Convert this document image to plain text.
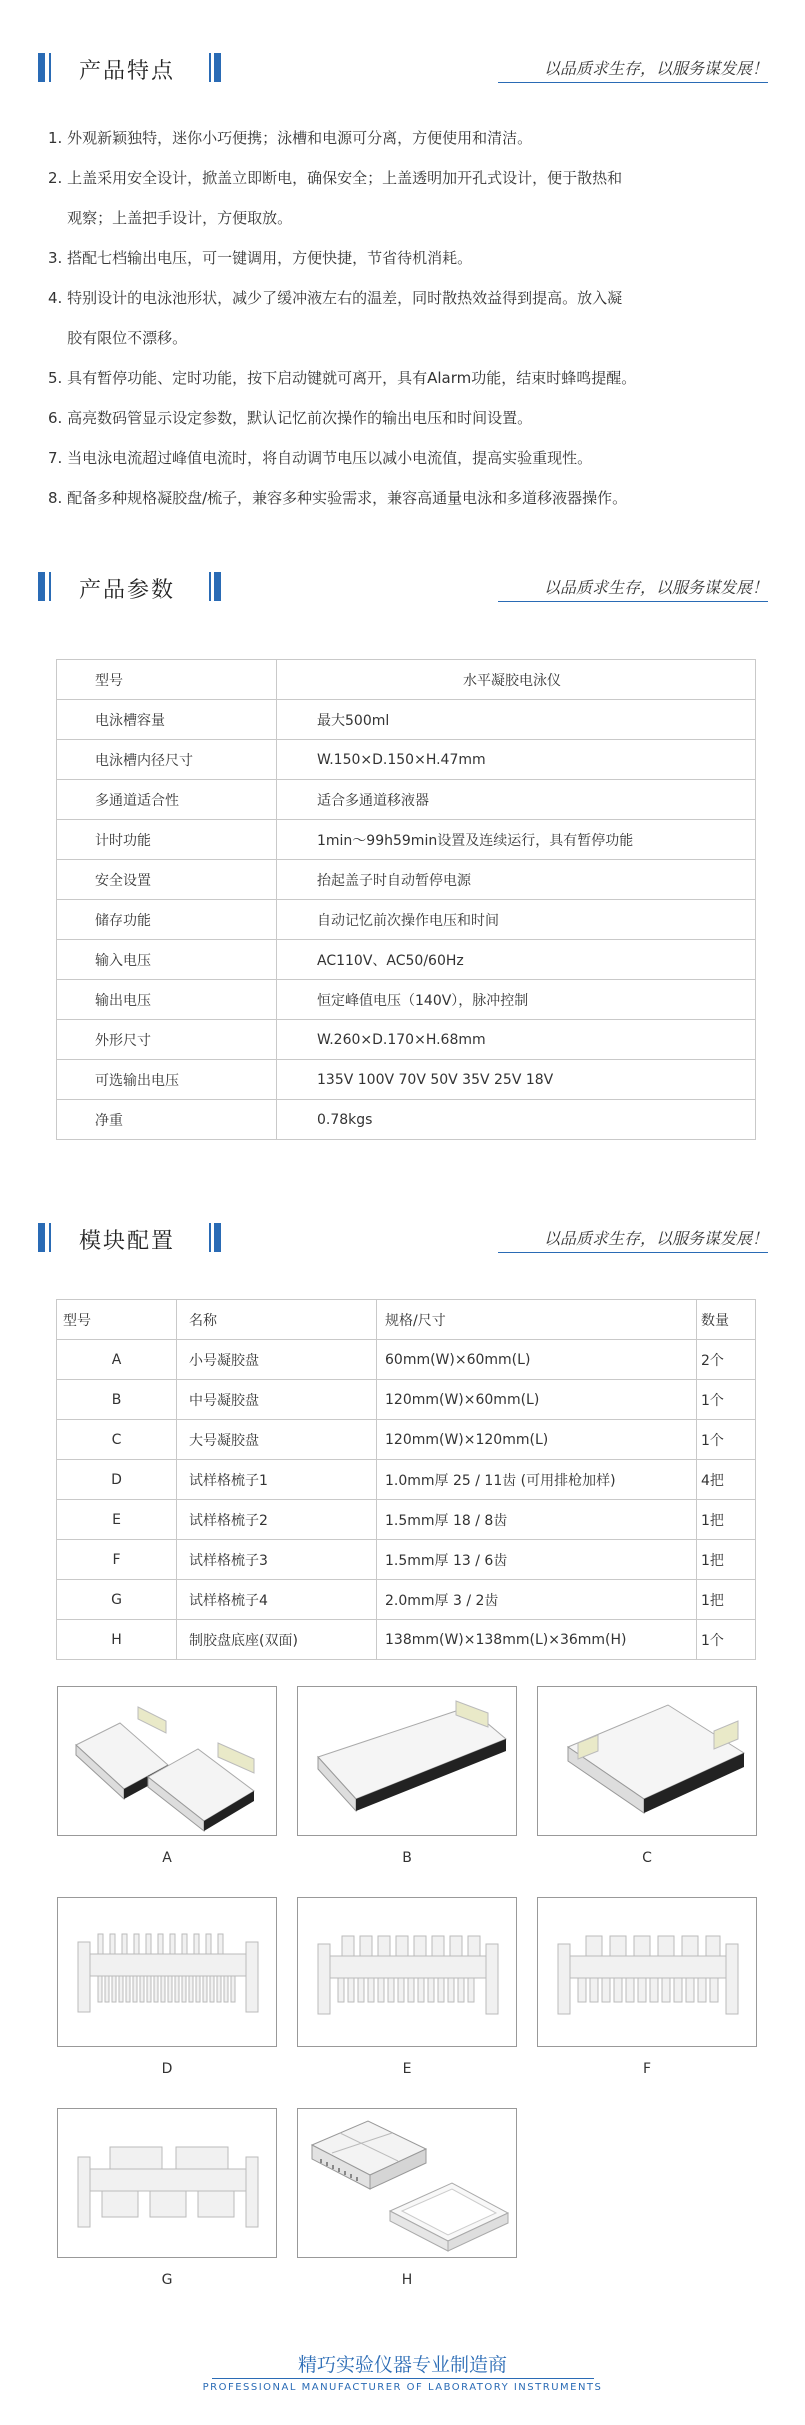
产品特点	以品质求生存，以服务谋发展！
1. 外观新颖独特，迷你小巧便携；泳槽和电源可分离，方便使用和清洁。
2. 上盖采用安全设计，掀盖立即断电，确保安全；上盖透明加开孔式设计，便于散热和
观察；上盖把手设计，方便取放。
3. 搭配七档输出电压，可一键调用，方便快捷，节省待机消耗。
4. 特别设计的电泳池形状，减少了缓冲液左右的温差，同时散热效益得到提高。放入凝
胶有限位不漂移。
5. 具有暂停功能、定时功能，按下启动键就可离开，具有Alarm功能，结束时蜂鸣提醒。
6. 高亮数码管显示设定参数，默认记忆前次操作的输出电压和时间设置。
7. 当电泳电流超过峰值电流时，将自动调节电压以减小电流值，提高实验重现性。
8. 配备多种规格凝胶盘/梳子，兼容多种实验需求，兼容高通量电泳和多道移液器操作。
产品参数	以品质求生存，以服务谋发展！
型号	水平凝胶电泳仪
电泳槽容量	最大500ml
电泳槽内径尺寸	W.150×D.150×H.47mm
多通道适合性	适合多通道移液器
计时功能	1min～99h59min设置及连续运行，具有暂停功能
安全设置	抬起盖子时自动暂停电源
储存功能	自动记忆前次操作电压和时间
输入电压	AC110V、AC50/60Hz
输出电压	恒定峰值电压（140V），脉冲控制
外形尺寸	W.260×D.170×H.68mm
可选输出电压	135V 100V 70V 50V 35V 25V 18V
净重	0.78kgs
模块配置	以品质求生存，以服务谋发展！
型号	名称	规格/尺寸	数量
A	小号凝胶盘	60mm(W)×60mm(L)	2个
B	中号凝胶盘	120mm(W)×60mm(L)	1个
C	大号凝胶盘	120mm(W)×120mm(L)	1个
D	试样格梳子1	1.0mm厚 25 / 11齿 (可用排枪加样)	4把
E	试样格梳子2	1.5mm厚 18 / 8齿	1把
F	试样格梳子3	1.5mm厚 13 / 6齿	1把
G	试样格梳子4	2.0mm厚 3 / 2齿	1把
H	制胶盘底座(双面)	138mm(W)×138mm(L)×36mm(H)	1个
A	B	C
D	E	F
G	H
精巧实验仪器专业制造商
PROFESSIONAL MANUFACTURER OF LABORATORY INSTRUMENTS
